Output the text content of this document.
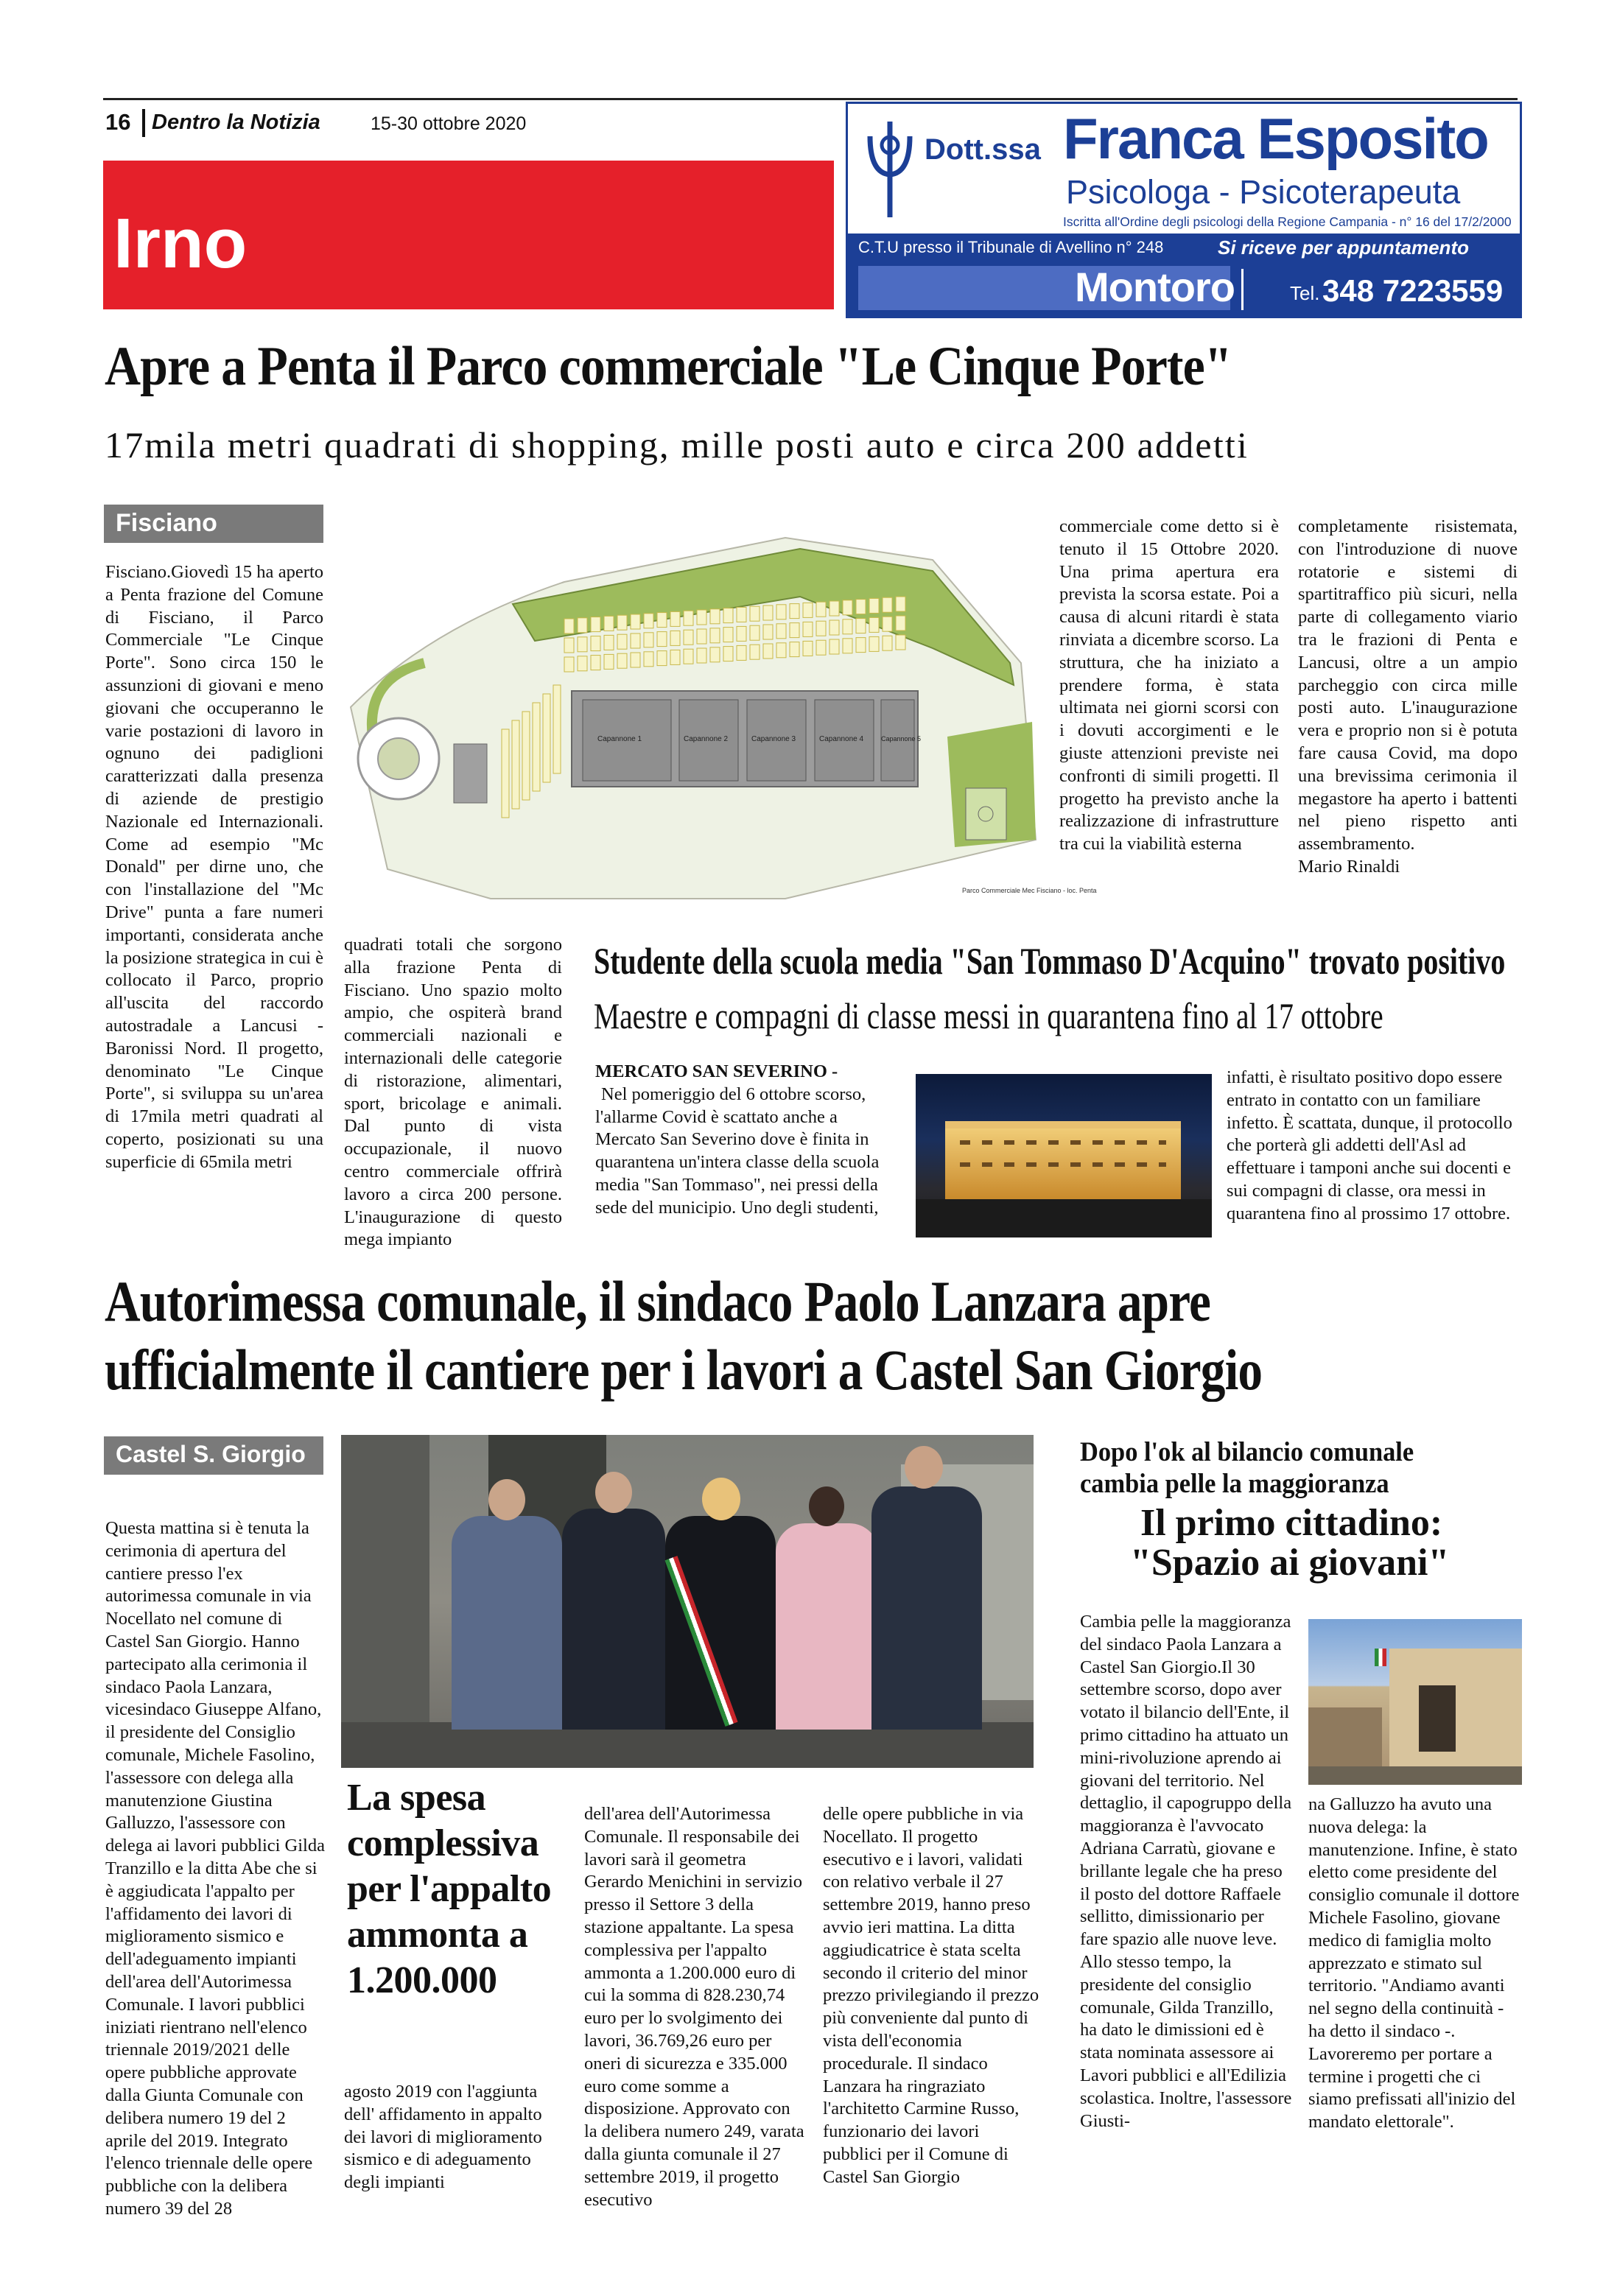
16 Dentro la Notizia	15-30 ottobre 2020
Irno
Dott.ssa Franca Esposito
Psicologa - Psicoterapeuta
Iscritta all'Ordine degli psicologi della Regione Campania - n° 16 del 17/2/2000
C.T.U presso il Tribunale di Avellino n° 248	Si riceve per appuntamento
Montoro	Tel. 348 7223559
Apre a Penta il Parco commerciale "Le Cinque Porte"
17mila metri quadrati di shopping, mille posti auto e circa 200 addetti
Fisciano
Fisciano.Giovedì 15 ha aperto a Penta frazione del Comune di Fisciano, il Parco Commerciale "Le Cinque Porte". Sono circa 150 le assunzioni di giovani e meno giovani che occuperanno le varie postazioni di lavoro in ognuno dei padiglioni caratterizzati dalla presenza di aziende de prestigio Nazionale ed Internazionali. Come ad esempio "Mc Donald" per dirne uno, che con l'installazione del "Mc Drive" punta a fare numeri importanti, considerata anche la posizione strategica in cui è collocato il Parco, proprio all'uscita del raccordo autostradale a Lancusi - Baronissi Nord. Il progetto, denominato "Le Cinque Porte", si sviluppa su un'area di 17mila metri quadrati al coperto, posizionati su una superficie di 65mila metri
Capannone 1	Capannone 2	Capannone 3	Capannone 4	Capannone 5
Parco Commerciale Mec Fisciano - loc. Penta
quadrati totali che sorgono alla frazione Penta di Fisciano. Uno spazio molto ampio, che ospiterà brand commerciali nazionali e internazionali delle categorie di ristorazione, alimentari, sport, bricolage e animali. Dal punto di vista occupazionale, il nuovo centro commerciale offrirà lavoro a circa 200 persone. L'inaugurazione di questo mega impianto
commerciale come detto si è tenuto il 15 Ottobre 2020. Una prima apertura era prevista la scorsa estate. Poi a causa di alcuni ritardi è stata rinviata a dicembre scorso. La struttura, che ha iniziato a prendere forma, è stata ultimata nei giorni scorsi con i dovuti accorgimenti e le giuste attenzioni previste nei confronti di simili progetti. Il progetto ha previsto anche la realizzazione di infrastrutture tra cui la viabilità esterna

completamente risistemata, con l'introduzione di nuove rotatorie e sistemi di spartitraffico più sicuri, nella parte di collegamento viario tra le frazioni di Penta e Lancusi, oltre a un ampio parcheggio con circa mille posti auto. L'inaugurazione vera e proprio non si è potuta fare causa Covid, ma dopo una brevissima cerimonia il megastore ha aperto i battenti nel pieno rispetto anti assembramento.

Mario Rinaldi

Studente della scuola media "San Tommaso D'Acquino" trovato positivo
Maestre e compagni di classe messi in quarantena fino al 17 ottobre

MERCATO SAN SEVERINO -

Nel pomeriggio del 6 ottobre scorso, l'allarme Covid è scattato anche a Mercato San Severino dove è finita in quarantena un'intera classe della scuola media "San Tommaso", nei pressi della sede del municipio. Uno degli studenti,

infatti, è risultato positivo dopo essere entrato in contatto con un familiare infetto. È scattata, dunque, il protocollo che porterà gli addetti dell'Asl ad effettuare i tamponi anche sui docenti e sui compagni di classe, ora messi in quarantena fino al prossimo 17 ottobre.
Autorimessa comunale, il sindaco Paolo Lanzara apre
ufficialmente il cantiere per i lavori a Castel San Giorgio
Castel S. Giorgio
Questa mattina si è tenuta la cerimonia di apertura del cantiere presso l'ex autorimessa comunale in via Nocellato nel comune di Castel San Giorgio. Hanno partecipato alla cerimonia il sindaco Paola Lanzara, vicesindaco Giuseppe Alfano, il presidente del Consiglio comunale, Michele Fasolino, l'assessore con delega alla manutenzione Giustina Galluzzo, l'assessore con delega ai lavori pubblici Gilda Tranzillo e la ditta Abe che si è aggiudicata l'appalto per l'affidamento dei lavori di miglioramento sismico e dell'adeguamento impianti dell'area dell'Autorimessa Comunale. I lavori pubblici iniziati rientrano nell'elenco triennale 2019/2021 delle opere pubbliche approvate dalla Giunta Comunale con delibera numero 19 del 2 aprile del 2019. Integrato l'elenco triennale delle opere pubbliche con la delibera numero 39 del 28
La spesa complessiva per l'appalto ammonta a 1.200.000
agosto 2019 con l'aggiunta dell' affidamento in appalto dei lavori di miglioramento sismico e di adeguamento degli impianti
dell'area dell'Autorimessa Comunale. Il responsabile dei lavori sarà il geometra Gerardo Menichini in servizio presso il Settore 3 della stazione appaltante. La spesa complessiva per l'appalto ammonta a 1.200.000 euro di cui la somma di 828.230,74 euro per lo svolgimento dei lavori, 36.769,26 euro per oneri di sicurezza e 335.000 euro come somme a disposizione. Approvato con la delibera numero 249, varata dalla giunta comunale il 27 settembre 2019, il progetto esecutivo
delle opere pubbliche in via Nocellato. Il progetto esecutivo e i lavori, validati con relativo verbale il 27 settembre 2019, hanno preso avvio ieri mattina. La ditta aggiudicatrice è stata scelta secondo il criterio del minor prezzo privilegiando il prezzo più conveniente dal punto di vista dell'economia procedurale. Il sindaco Lanzara ha ringraziato l'architetto Carmine Russo, funzionario dei lavori pubblici per il Comune di Castel San Giorgio
Dopo l'ok al bilancio comunale
cambia pelle la maggioranza
Il primo cittadino:
"Spazio ai giovani"
Cambia pelle la maggioranza del sindaco Paola Lanzara a Castel San Giorgio.Il 30 settembre scorso, dopo aver votato il bilancio dell'Ente, il primo cittadino ha attuato un mini-rivoluzione aprendo ai giovani del territorio. Nel dettaglio, il capogruppo della maggioranza è l'avvocato Adriana Carratù, giovane e brillante legale che ha preso il posto del dottore Raffaele sellitto, dimissionario per fare spazio alle nuove leve. Allo stesso tempo, la presidente del consiglio comunale, Gilda Tranzillo, ha dato le dimissioni ed è stata nominata assessore ai Lavori pubblici e all'Edilizia scolastica. Inoltre, l'assessore Giusti-
na Galluzzo ha avuto una nuova delega: la manutenzione. Infine, è stato eletto come presidente del consiglio comunale il dottore Michele Fasolino, giovane medico di famiglia molto apprezzato e stimato sul territorio. "Andiamo avanti nel segno della continuità - ha detto il sindaco -. Lavoreremo per portare a termine i progetti che ci siamo prefissati all'inizio del mandato elettorale".
